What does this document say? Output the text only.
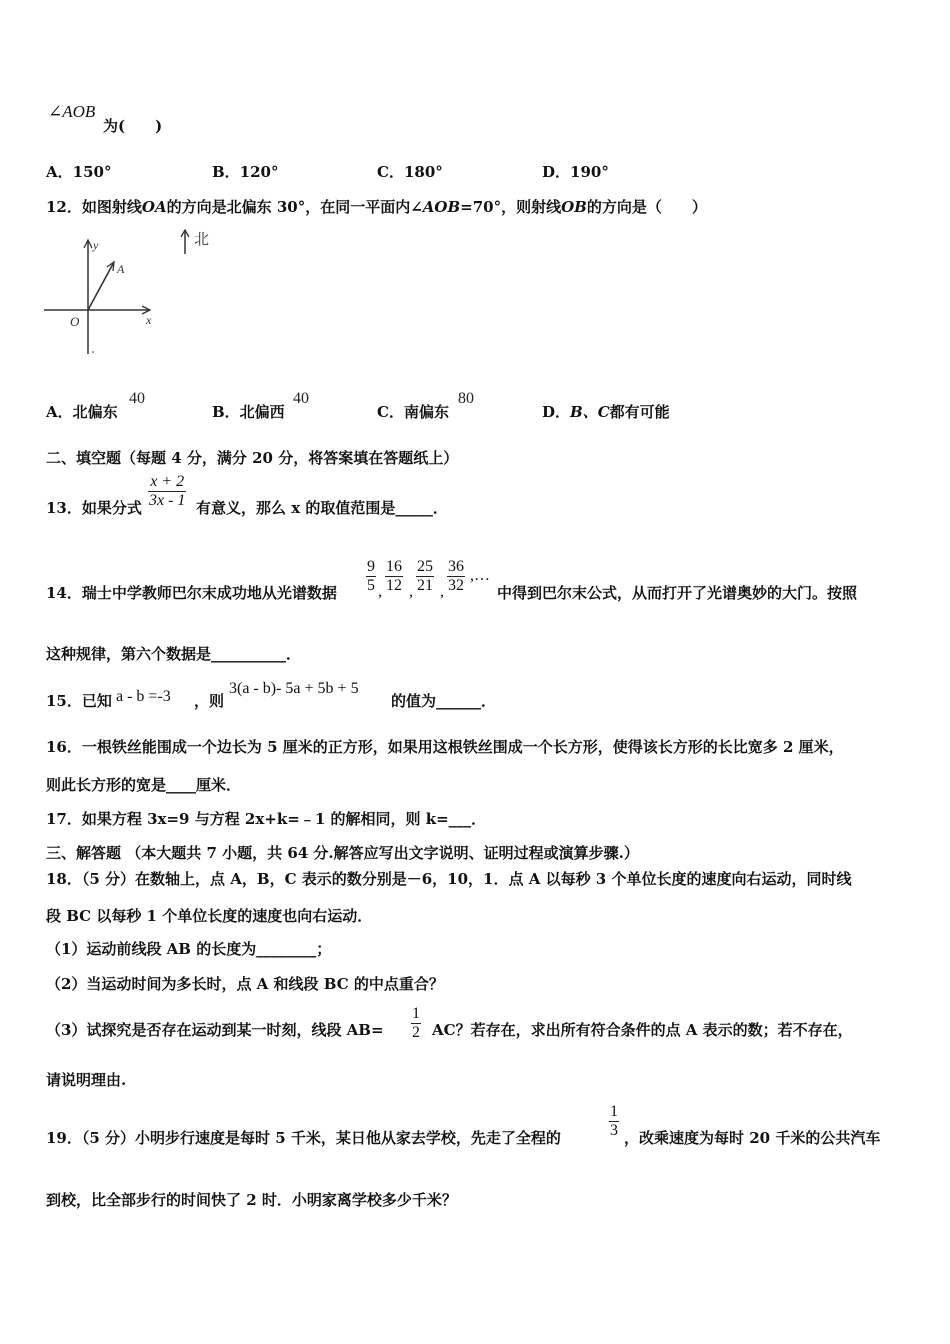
∠AOB
为(　　)
A．150°	B．120°	C．180°	D．190°
12．如图射线OA的方向是北偏东 30°，在同一平面内∠AOB=70°，则射线OB的方向是（　　）
y
A
O	x
北
A．北偏东
40
B．北偏西
40
C．南偏东
80
D．B、C都有可能
二、填空题（每题 4 分，满分 20 分，将答案填在答题纸上）
13．如果分式 $\frac{x + 2}{3x - 1}$ 有意义，那么 x 的取值范围是_____．
14．瑞士中学教师巴尔末成功地从光谱数据 $\frac{9}{5}$ , $\frac{16}{12}$ , $\frac{25}{21}$ , $\frac{36}{32}$ ,…
中得到巴尔末公式，从而打开了光谱奥妙的大门。按照
这种规律，第六个数据是__________．
15．已知 a - b =-3 ，则
3(a - b)- 5a + 5b + 5
的值为______．
16．一根铁丝能围成一个边长为 5 厘米的正方形，如果用这根铁丝围成一个长方形，使得该长方形的长比宽多 2 厘米，
则此长方形的宽是____厘米．
17．如果方程 3x=9 与方程 2x+k=﹣1 的解相同，则 k=___．
三、解答题 （本大题共 7 小题，共 64 分.解答应写出文字说明、证明过程或演算步骤.）
18．（5 分）在数轴上，点 A，B，C 表示的数分别是－6，10，1．点 A 以每秒 3 个单位长度的速度向右运动，同时线
段 BC 以每秒 1 个单位长度的速度也向右运动．
（1）运动前线段 AB 的长度为________；
（2）当运动时间为多长时，点 A 和线段 BC 的中点重合？
（3）试探究是否存在运动到某一时刻，线段 $AB= \frac{1}{2}$ AC？若存在，求出所有符合条件的点 A 表示的数；若不存在，
请说明理由.
19．（5 分）小明步行速度是每时 5 千米，某日他从家去学校，先走了全程的	$\frac{1}{3}$ ，改乘速度为每时 20 千米的公共汽车
到校，比全部步行的时间快了 2 时．小明家离学校多少千米？
